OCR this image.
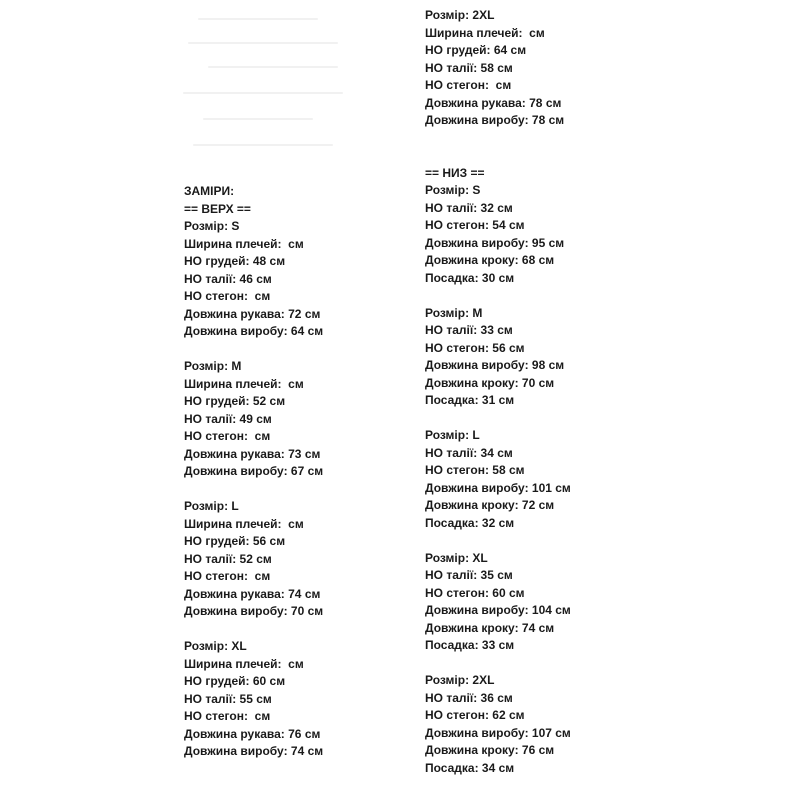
ЗАМІРИ:
== ВЕРХ ==
Розмір: S
Ширина плечей:  см
НО грудей: 48 см
НО талії: 46 см
НО стегон:  см
Довжина рукава: 72 см
Довжина виробу: 64 см
Розмір: M
Ширина плечей:  см
НО грудей: 52 см
НО талії: 49 см
НО стегон:  см
Довжина рукава: 73 см
Довжина виробу: 67 см
Розмір: L
Ширина плечей:  см
НО грудей: 56 см
НО талії: 52 см
НО стегон:  см
Довжина рукава: 74 см
Довжина виробу: 70 см
Розмір: XL
Ширина плечей:  см
НО грудей: 60 см
НО талії: 55 см
НО стегон:  см
Довжина рукава: 76 см
Довжина виробу: 74 см
Розмір: 2XL
Ширина плечей:  см
НО грудей: 64 см
НО талії: 58 см
НО стегон:  см
Довжина рукава: 78 см
Довжина виробу: 78 см
== НИЗ ==
Розмір: S
НО талії: 32 см
НО стегон: 54 см
Довжина виробу: 95 см
Довжина кроку: 68 см
Посадка: 30 см
Розмір: M
НО талії: 33 см
НО стегон: 56 см
Довжина виробу: 98 см
Довжина кроку: 70 см
Посадка: 31 см
Розмір: L
НО талії: 34 см
НО стегон: 58 см
Довжина виробу: 101 см
Довжина кроку: 72 см
Посадка: 32 см
Розмір: XL
НО талії: 35 см
НО стегон: 60 см
Довжина виробу: 104 см
Довжина кроку: 74 см
Посадка: 33 см
Розмір: 2XL
НО талії: 36 см
НО стегон: 62 см
Довжина виробу: 107 см
Довжина кроку: 76 см
Посадка: 34 см
